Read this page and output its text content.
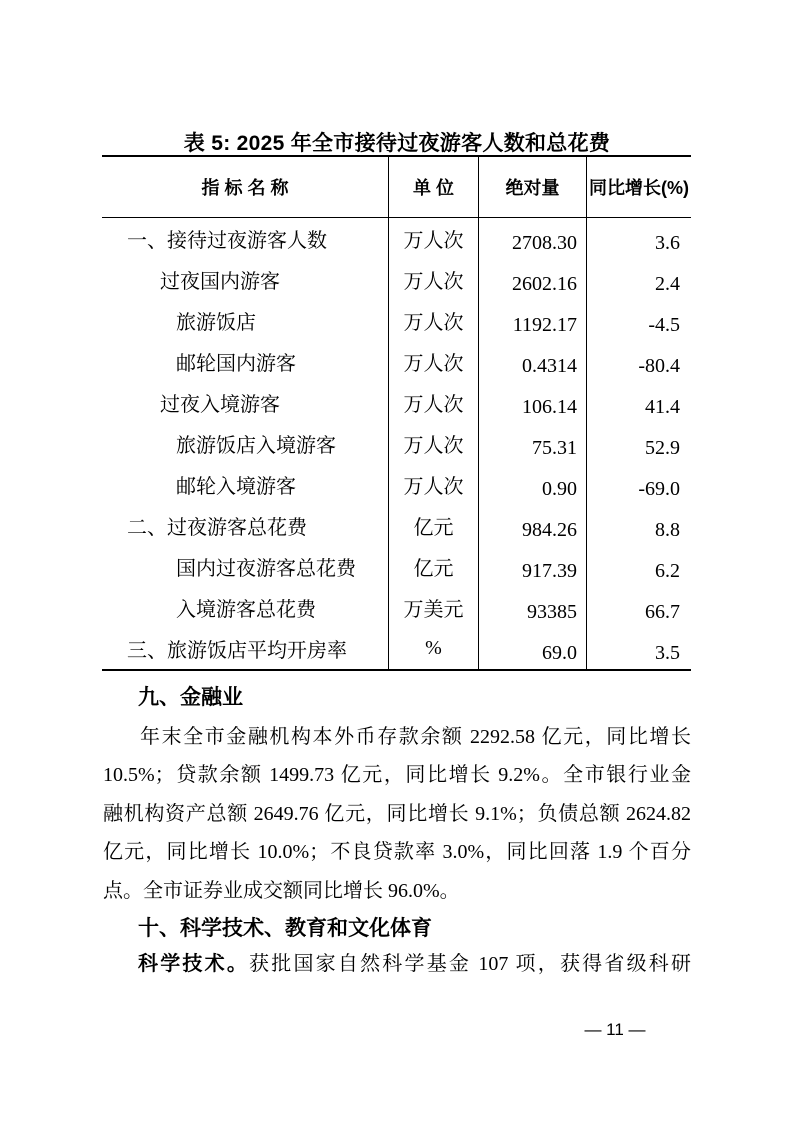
表 5: 2025 年全市接待过夜游客人数和总花费
指 标 名 称	单 位	绝对量	同比增长(%)
一、接待过夜游客人数	万人次	2708.30	3.6
过夜国内游客	万人次	2602.16	2.4
旅游饭店	万人次	1192.17	-4.5
邮轮国内游客	万人次	0.4314	-80.4
过夜入境游客	万人次	106.14	41.4
旅游饭店入境游客	万人次	75.31	52.9
邮轮入境游客	万人次	0.90	-69.0
二、过夜游客总花费	亿元	984.26	8.8
国内过夜游客总花费	亿元	917.39	6.2
入境游客总花费	万美元	93385	66.7
三、旅游饭店平均开房率	%	69.0	3.5
九、金融业
年末全市金融机构本外币存款余额 2292.58 亿元，同比增长
10.5%；贷款余额 1499.73 亿元，同比增长 9.2%。全市银行业金
融机构资产总额 2649.76 亿元，同比增长 9.1%；负债总额 2624.82
亿元，同比增长 10.0%；不良贷款率 3.0%，同比回落 1.9 个百分
点。全市证券业成交额同比增长 96.0%。
十、科学技术、教育和文化体育
科学技术。获批国家自然科学基金 107 项，获得省级科研
— 11 —
